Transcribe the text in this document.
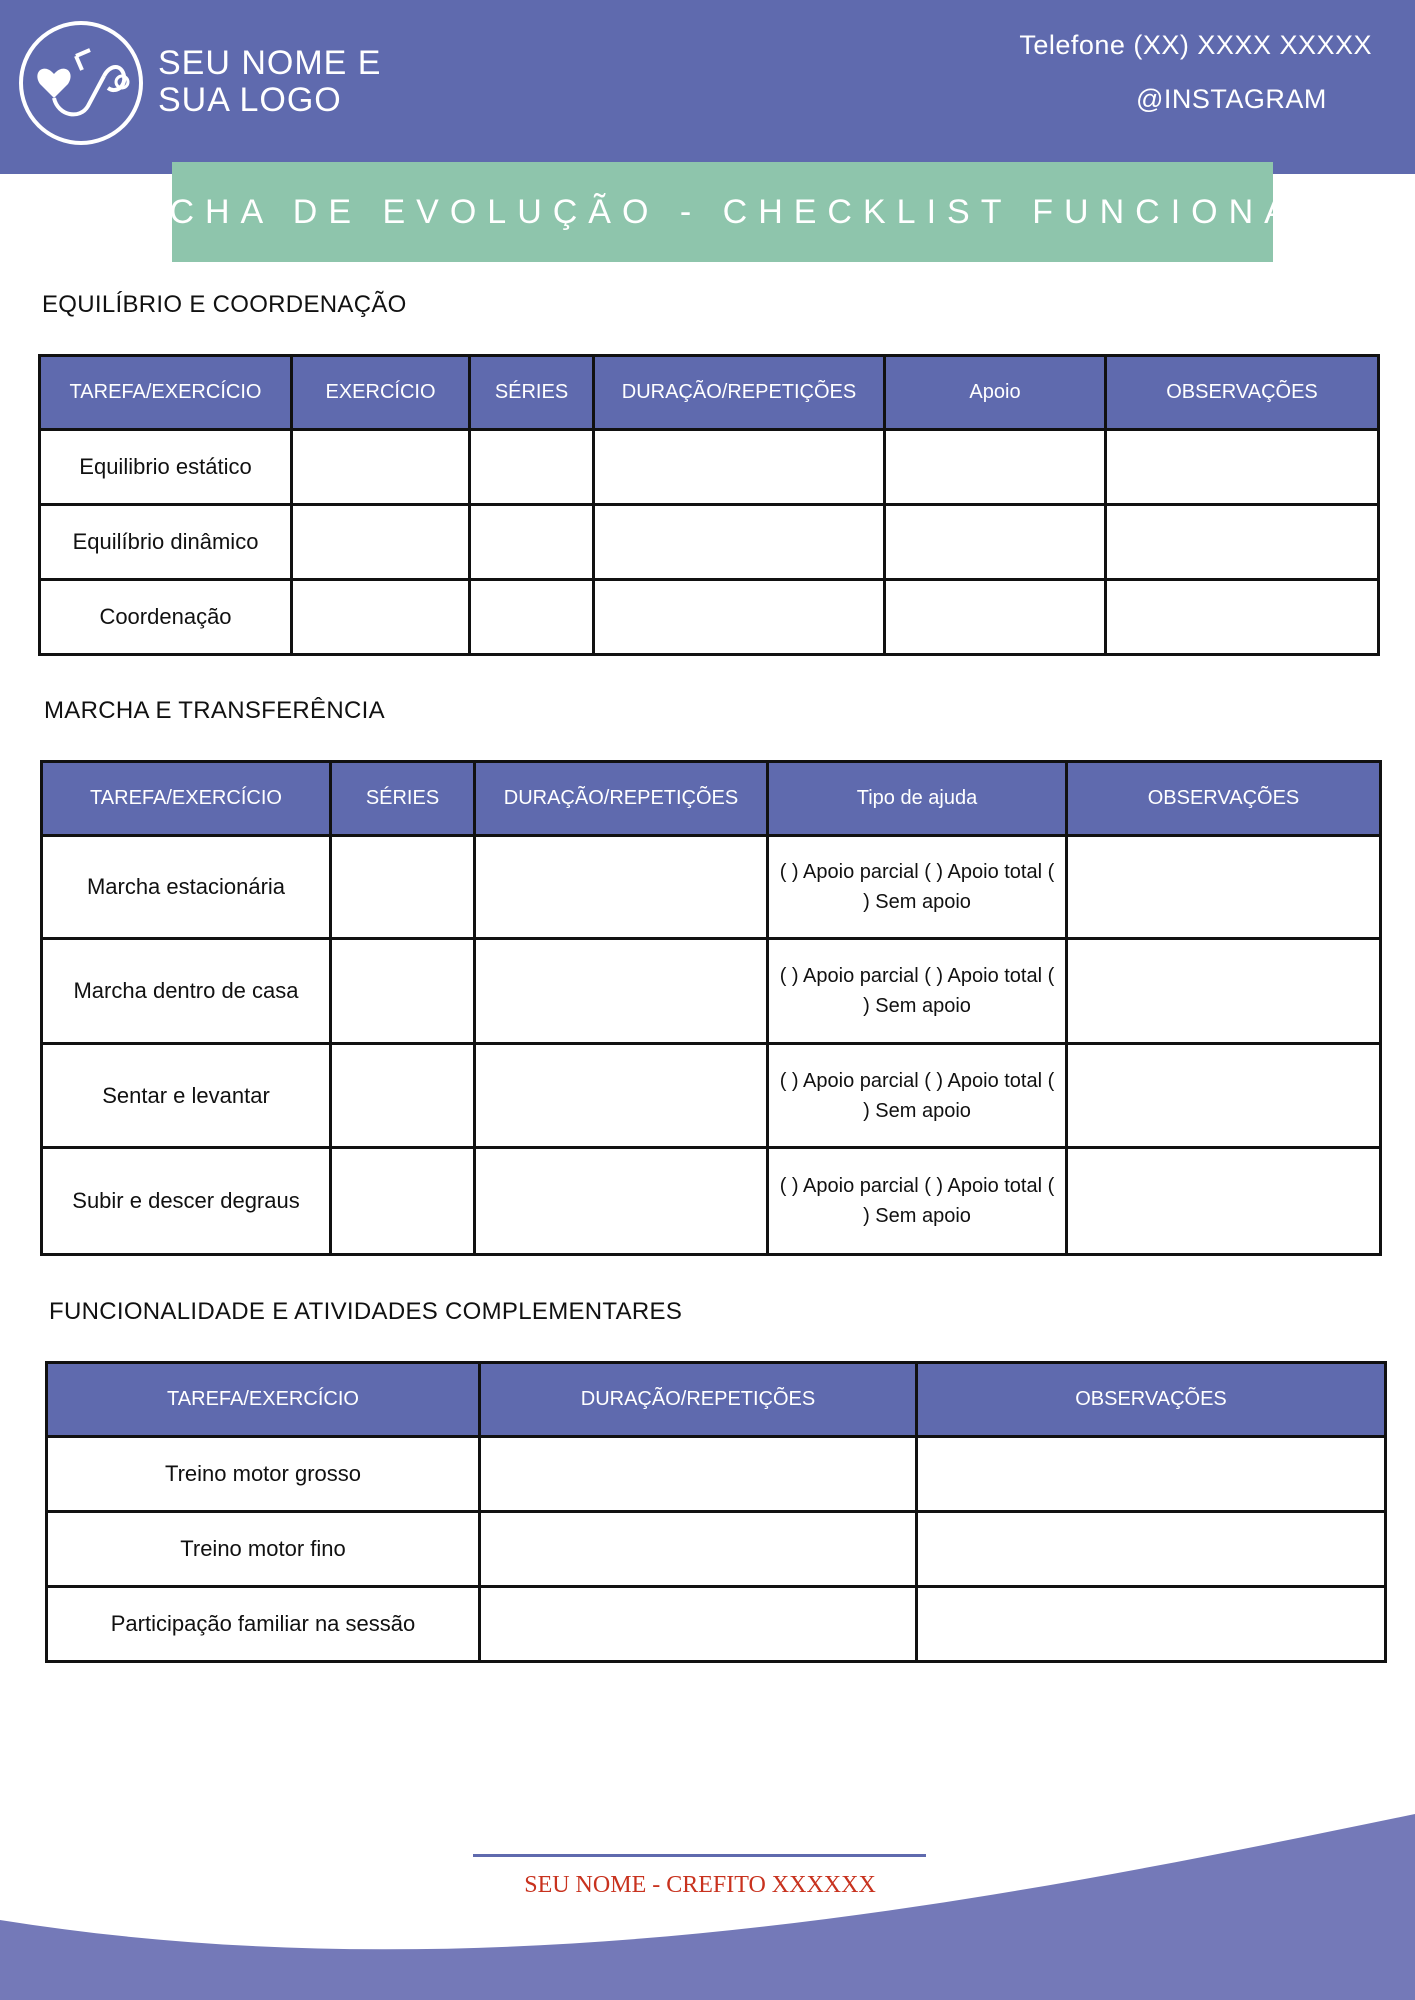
SEU NOME E
SUA LOGO
Telefone (XX) XXXX XXXXX
@INSTAGRAM
FICHA DE EVOLUÇÃO - CHECKLIST FUNCIONAL
EQUILÍBRIO E COORDENAÇÃO
TAREFA/EXERCÍCIO	EXERCÍCIO	SÉRIES	DURAÇÃO/REPETIÇÕES	Apoio	OBSERVAÇÕES
Equilibrio estático					
Equilíbrio dinâmico					
Coordenação					
MARCHA E TRANSFERÊNCIA
TAREFA/EXERCÍCIO	SÉRIES	DURAÇÃO/REPETIÇÕES	Tipo de ajuda	OBSERVAÇÕES
Marcha estacionária			( ) Apoio parcial ( ) Apoio total ( ) Sem apoio	
Marcha dentro de casa			( ) Apoio parcial ( ) Apoio total ( ) Sem apoio	
Sentar e levantar			( ) Apoio parcial ( ) Apoio total ( ) Sem apoio	
Subir e descer degraus			( ) Apoio parcial ( ) Apoio total ( ) Sem apoio	
FUNCIONALIDADE E ATIVIDADES COMPLEMENTARES
TAREFA/EXERCÍCIO	DURAÇÃO/REPETIÇÕES	OBSERVAÇÕES
Treino motor grosso		
Treino motor fino		
Participação familiar na sessão		
SEU NOME - CREFITO XXXXXX
